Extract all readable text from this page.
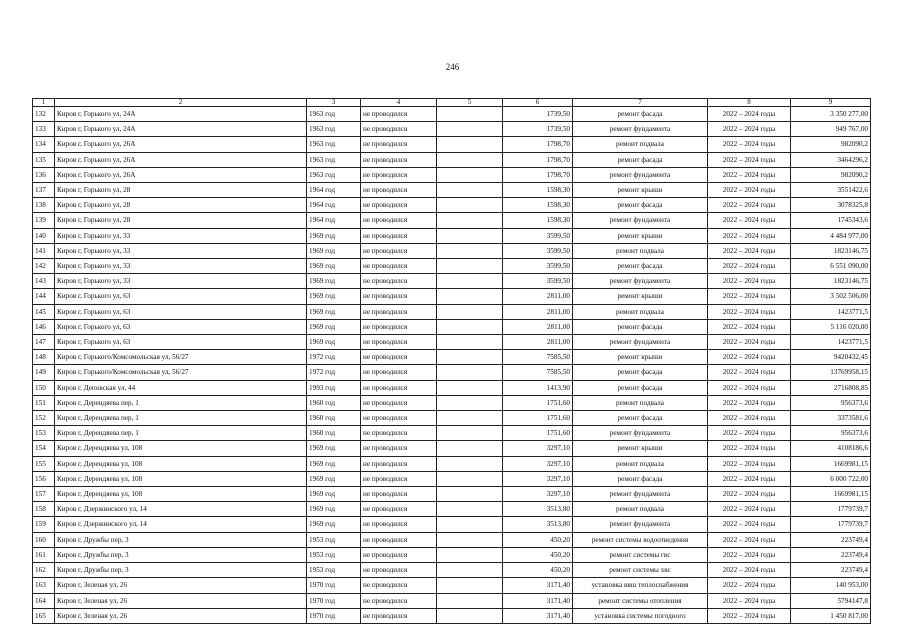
246
1	2	3	4	5	6	7	8	9
132	Киров г, Горького ул, 24А	1963 год	не проводился		1739,50	ремонт фасада	2022 – 2024 годы	3 350 277,00
133	Киров г, Горького ул, 24А	1963 год	не проводился		1739,50	ремонт фундамента	2022 – 2024 годы	949 767,00
134	Киров г, Горького ул, 26А	1963 год	не проводился		1798,70	ремонт подвала	2022 – 2024 годы	982090,2
135	Киров г, Горького ул, 26А	1963 год	не проводился		1798,70	ремонт фасада	2022 – 2024 годы	3464296,2
136	Киров г, Горького ул, 26А	1963 год	не проводился		1798,70	ремонт фундамента	2022 – 2024 годы	982090,2
137	Киров г, Горького ул, 28	1964 год	не проводился		1598,30	ремонт крыши	2022 – 2024 годы	3551422,6
138	Киров г, Горького ул, 28	1964 год	не проводился		1598,30	ремонт фасада	2022 – 2024 годы	3078325,8
139	Киров г, Горького ул, 28	1964 год	не проводился		1598,30	ремонт фундамента	2022 – 2024 годы	1745343,6
140	Киров г, Горького ул, 33	1969 год	не проводился		3599,50	ремонт крыши	2022 – 2024 годы	4 484 977,00
141	Киров г, Горького ул, 33	1969 год	не проводился		3599,50	ремонт подвала	2022 – 2024 годы	1823146,75
142	Киров г, Горького ул, 33	1969 год	не проводился		3599,50	ремонт фасада	2022 – 2024 годы	6 551 090,00
143	Киров г, Горького ул, 33	1969 год	не проводился		3599,50	ремонт фундамента	2022 – 2024 годы	1823146,75
144	Киров г, Горького ул, 63	1969 год	не проводился		2811,00	ремонт крыши	2022 – 2024 годы	3 502 506,00
145	Киров г, Горького ул, 63	1969 год	не проводился		2811,00	ремонт подвала	2022 – 2024 годы	1423771,5
146	Киров г, Горького ул, 63	1969 год	не проводился		2811,00	ремонт фасада	2022 – 2024 годы	5 116 020,00
147	Киров г, Горького ул, 63	1969 год	не проводился		2811,00	ремонт фундамента	2022 – 2024 годы	1423771,5
148	Киров г, Горького/Комсомольская ул, 56/27	1972 год	не проводился		7585,50	ремонт крыши	2022 – 2024 годы	9420432,45
149	Киров г, Горького/Комсомольская ул, 56/27	1972 год	не проводился		7585,50	ремонт фасада	2022 – 2024 годы	13769958,15
150	Киров г, Деповская ул, 44	1993 год	не проводился		1413,90	ремонт фасада	2022 – 2024 годы	2716808,85
151	Киров г, Дерендяева пер, 1	1960 год	не проводился		1751,60	ремонт подвала	2022 – 2024 годы	956373,6
152	Киров г, Дерендяева пер, 1	1960 год	не проводился		1751,60	ремонт фасада	2022 – 2024 годы	3373581,6
153	Киров г, Дерендяева пер, 1	1960 год	не проводился		1751,60	ремонт фундамента	2022 – 2024 годы	956373,6
154	Киров г, Дерендяева ул, 108	1969 год	не проводился		3297,10	ремонт крыши	2022 – 2024 годы	4108186,6
155	Киров г, Дерендяева ул, 108	1969 год	не проводился		3297,10	ремонт подвала	2022 – 2024 годы	1669981,15
156	Киров г, Дерендяева ул, 108	1969 год	не проводился		3297,10	ремонт фасада	2022 – 2024 годы	6 000 722,00
157	Киров г, Дерендяева ул, 108	1969 год	не проводился		3297,10	ремонт фундамента	2022 – 2024 годы	1669981,15
158	Киров г, Дзержинского ул, 14	1969 год	не проводился		3513,80	ремонт подвала	2022 – 2024 годы	1779739,7
159	Киров г, Дзержинского ул, 14	1969 год	не проводился		3513,80	ремонт фундамента	2022 – 2024 годы	1779739,7
160	Киров г, Дружбы пер, 3	1953 год	не проводился		450,20	ремонт системы водоотведения	2022 – 2024 годы	223749,4
161	Киров г, Дружбы пер, 3	1953 год	не проводился		450,20	ремонт системы гвс	2022 – 2024 годы	223749,4
162	Киров г, Дружбы пер, 3	1953 год	не проводился		450,20	ремонт системы хвс	2022 – 2024 годы	223749,4
163	Киров г, Зеленая ул, 26	1970 год	не проводился		3171,40	установка ввш теплоснабжения	2022 – 2024 годы	140 953,00
164	Киров г, Зеленая ул, 26	1970 год	не проводился		3171,40	ремонт системы отопления	2022 – 2024 годы	5794147,8
165	Киров г, Зеленая ул, 26	1970 год	не проводился		3171,40	установка системы погодного	2022 – 2024 годы	1 450 817,00
